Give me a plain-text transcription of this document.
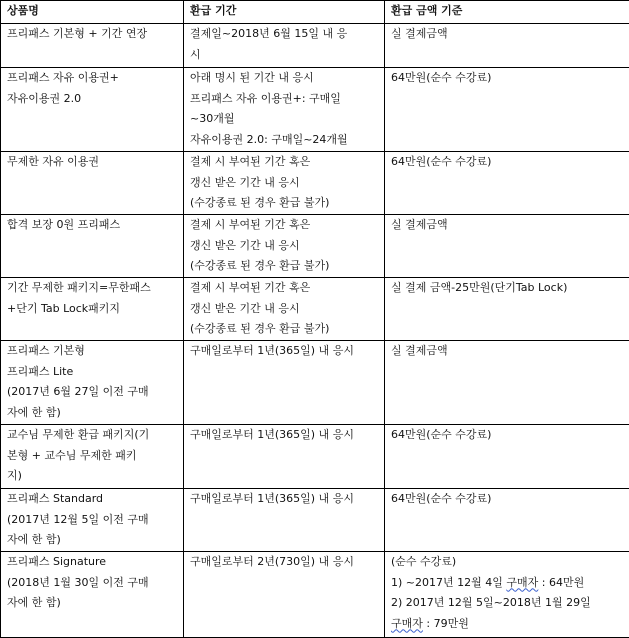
상품명	환급 기간	환급 금액 기준

프리패스 기본형 + 기간 연장	결제일~2018년 6월 15일 내 응
시	실 결제금액

프리패스 자유 이용권+
자유이용권 2.0	아래 명시 된 기간 내 응시
프리패스 자유 이용권+: 구매일
~30개월
자유이용권 2.0: 구매일~24개월	64만원(순수 수강료)

무제한 자유 이용권	결제 시 부여된 기간 혹은
갱신 받은 기간 내 응시
(수강종료 된 경우 환급 불가)	64만원(순수 수강료)

합격 보장 0원 프리패스	결제 시 부여된 기간 혹은
갱신 받은 기간 내 응시
(수강종료 된 경우 환급 불가)	실 결제금액

기간 무제한 패키지=무한패스
+단기 Tab Lock패키지	결제 시 부여된 기간 혹은
갱신 받은 기간 내 응시
(수강종료 된 경우 환급 불가)	실 결제 금액-25만원(단기Tab Lock)

프리패스 기본형
프리패스 Lite
(2017년 6월 27일 이전 구매
자에 한 함)	구매일로부터 1년(365일) 내 응시	실 결제금액

교수님 무제한 환급 패키지(기
본형 + 교수님 무제한 패키
지)	구매일로부터 1년(365일) 내 응시	64만원(순수 수강료)

프리패스 Standard
(2017년 12월 5일 이전 구매
자에 한 함)	구매일로부터 1년(365일) 내 응시	64만원(순수 수강료)

프리패스 Signature
(2018년 1월 30일 이전 구매
자에 한 함)	구매일로부터 2년(730일) 내 응시	(순수 수강료)
1) ~2017년 12월 4일 구매자 : 64만원
2) 2017년 12월 5일~2018년 1월 29일
구매자 : 79만원
